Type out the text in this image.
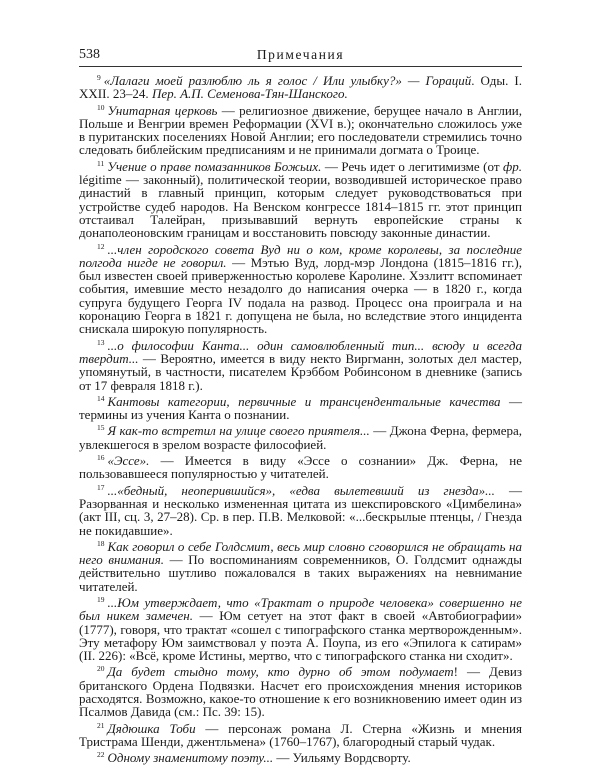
538	Примечания

$^9$ «Лалаги моей разлюблю ль я голос / Или улыбку?» — Гораций. Оды. I. XXII. 23–24. Пер. А.П. Семенова-Тян-Шанского.

$^{10}$ Унитарная церковь — религиозное движение, берущее начало в Англии, Польше и Венгрии времен Реформации (XVI в.); окончательно сложилось уже в пуританских поселениях Новой Англии; его последователи стремились точно следовать библейским предписаниям и не принимали догмата о Троице.

$^{11}$ Учение о праве помазанников Божьих. — Речь идет о легитимизме (от фр. légitime — законный), политической теории, возводившей историческое право династий в главный принцип, которым следует руководствоваться при устройстве судеб народов. На Венском конгрессе 1814–1815 гг. этот принцип отстаивал Талейран, призывавший вернуть европейские страны к донаполеоновским границам и восстановить повсюду законные династии.

$^{12}$ ...член городского совета Вуд ни о ком, кроме королевы, за последние полгода нигде не говорил. — Мэтью Вуд, лорд-мэр Лондона (1815–1816 гг.), был известен своей приверженностью королеве Каролине. Хэзлитт вспоминает события, имевшие место незадолго до написания очерка — в 1820 г., когда супруга будущего Георга IV подала на развод. Процесс она проиграла и на коронацию Георга в 1821 г. допущена не была, но вследствие этого инцидента снискала широкую популярность.

$^{13}$ ...о философии Канта... один самовлюбленный тип... всюду и всегда твердит... — Вероятно, имеется в виду некто Виргманн, золотых дел мастер, упомянутый, в частности, писателем Крэббом Робинсоном в дневнике (запись от 17 февраля 1818 г.).

$^{14}$ Кантовы категории, первичные и трансцендентальные качества — термины из учения Канта о познании.

$^{15}$ Я как-то встретил на улице своего приятеля... — Джона Ферна, фермера, увлекшегося в зрелом возрасте философией.

$^{16}$ «Эссе». — Имеется в виду «Эссе о сознании» Дж. Ферна, не пользовавшееся популярностью у читателей.

$^{17}$ ...«бедный, неоперившийся», «едва вылетевший из гнезда»... — Разорванная и несколько измененная цитата из шекспировского «Цимбелина» (акт III, сц. 3, 27–28). Ср. в пер. П.В. Мелковой: «...бескрылые птенцы, / Гнезда не покидавшие».

$^{18}$ Как говорил о себе Голдсмит, весь мир словно сговорился не обращать на него внимания. — По воспоминаниям современников, О. Голдсмит однажды действительно шутливо пожаловался в таких выражениях на невнимание читателей.

$^{19}$ ...Юм утверждает, что «Трактат о природе человека» совершенно не был никем замечен. — Юм сетует на этот факт в своей «Автобиографии» (1777), говоря, что трактат «сошел с типографского станка мертворожденным». Эту метафору Юм заимствовал у поэта А. Поупа, из его «Эпилога к сатирам» (II. 226): «Всё, кроме Истины, мертво, что с типографского станка ни сходит».

$^{20}$ Да будет стыдно тому, кто дурно об этом подумает! — Девиз британского Ордена Подвязки. Насчет его происхождения мнения историков расходятся. Возможно, какое-то отношение к его возникновению имеет один из Псалмов Давида (см.: Пс. 39: 15).

$^{21}$ Дядюшка Тоби — персонаж романа Л. Стерна «Жизнь и мнения Тристрама Шенди, джентльмена» (1760–1767), благородный старый чудак.

$^{22}$ Одному знаменитому поэту... — Уильяму Вордсворту.
